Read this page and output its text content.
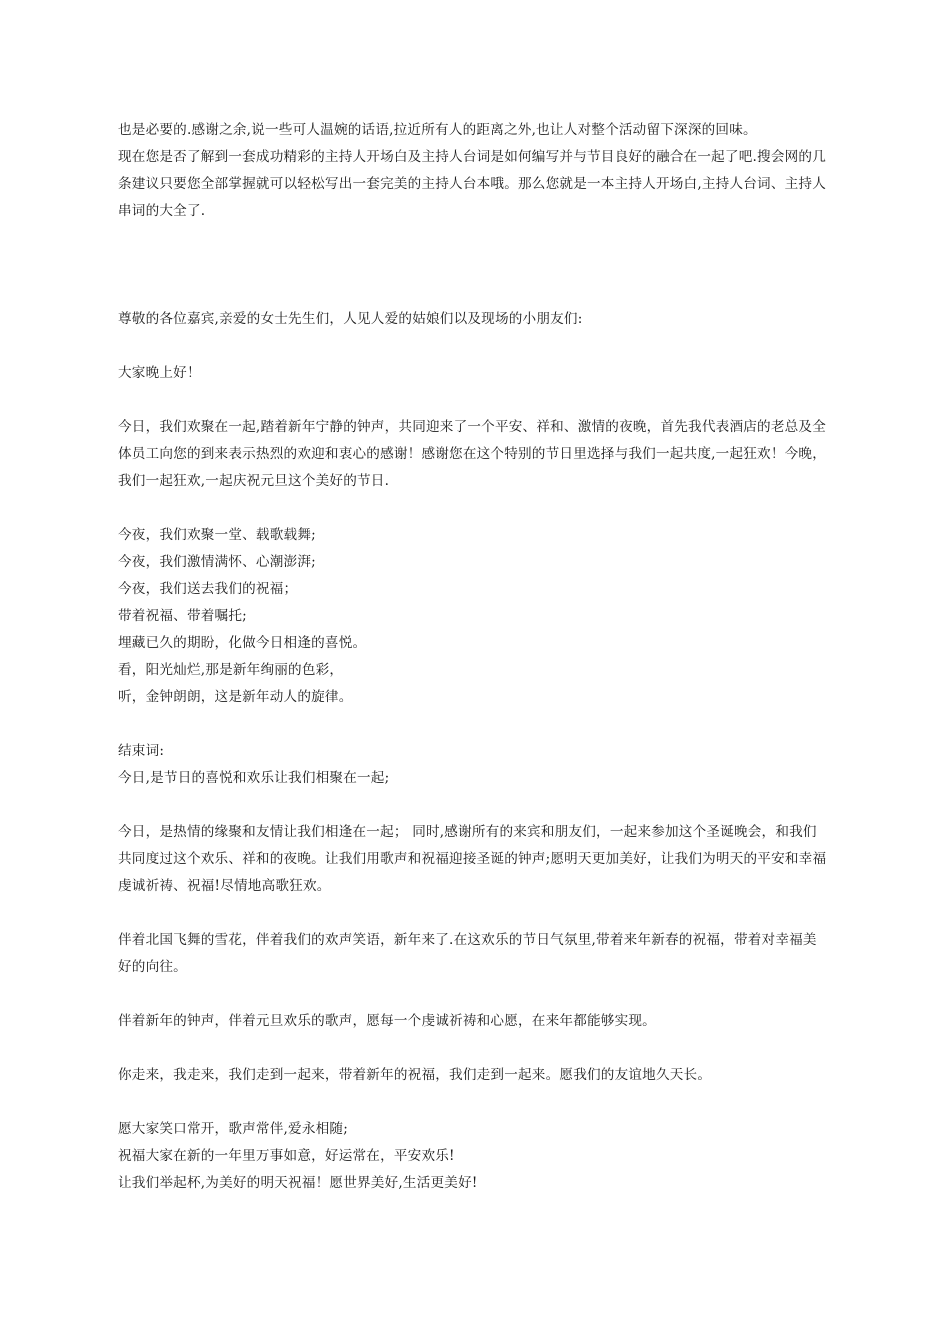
也是必要的.感谢之余,说一些可人温婉的话语,拉近所有人的距离之外,也让人对整个活动留下深深的回味。

现在您是否了解到一套成功精彩的主持人开场白及主持人台词是如何编写并与节目良好的融合在一起了吧.搜会网的几条建议只要您全部掌握就可以轻松写出一套完美的主持人台本哦。那么您就是一本主持人开场白,主持人台词、主持人串词的大全了.

尊敬的各位嘉宾,亲爱的女士先生们，人见人爱的姑娘们以及现场的小朋友们:

大家晚上好！

今日，我们欢聚在一起,踏着新年宁静的钟声，共同迎来了一个平安、祥和、激情的夜晚，首先我代表酒店的老总及全体员工向您的到来表示热烈的欢迎和衷心的感谢！感谢您在这个特别的节日里选择与我们一起共度,一起狂欢！今晚，我们一起狂欢,一起庆祝元旦这个美好的节日.

今夜，我们欢聚一堂、载歌载舞;

今夜，我们激情满怀、心潮澎湃;

今夜，我们送去我们的祝福；

带着祝福、带着嘱托;

埋藏已久的期盼，化做今日相逢的喜悦。

看，阳光灿烂,那是新年绚丽的色彩，

听，金钟朗朗，这是新年动人的旋律。

结束词:

今日,是节日的喜悦和欢乐让我们相聚在一起;

今日，是热情的缘聚和友情让我们相逢在一起； 同时,感谢所有的来宾和朋友们，一起来参加这个圣诞晚会，和我们共同度过这个欢乐、祥和的夜晚。让我们用歌声和祝福迎接圣诞的钟声;愿明天更加美好，让我们为明天的平安和幸福虔诚祈祷、祝福!尽情地高歌狂欢。

伴着北国飞舞的雪花，伴着我们的欢声笑语，新年来了.在这欢乐的节日气氛里,带着来年新春的祝福，带着对幸福美好的向往。

伴着新年的钟声，伴着元旦欢乐的歌声，愿每一个虔诚祈祷和心愿，在来年都能够实现。

你走来，我走来，我们走到一起来，带着新年的祝福，我们走到一起来。愿我们的友谊地久天长。

愿大家笑口常开，歌声常伴,爱永相随;

祝福大家在新的一年里万事如意，好运常在，平安欢乐!

让我们举起杯,为美好的明天祝福！愿世界美好,生活更美好!
